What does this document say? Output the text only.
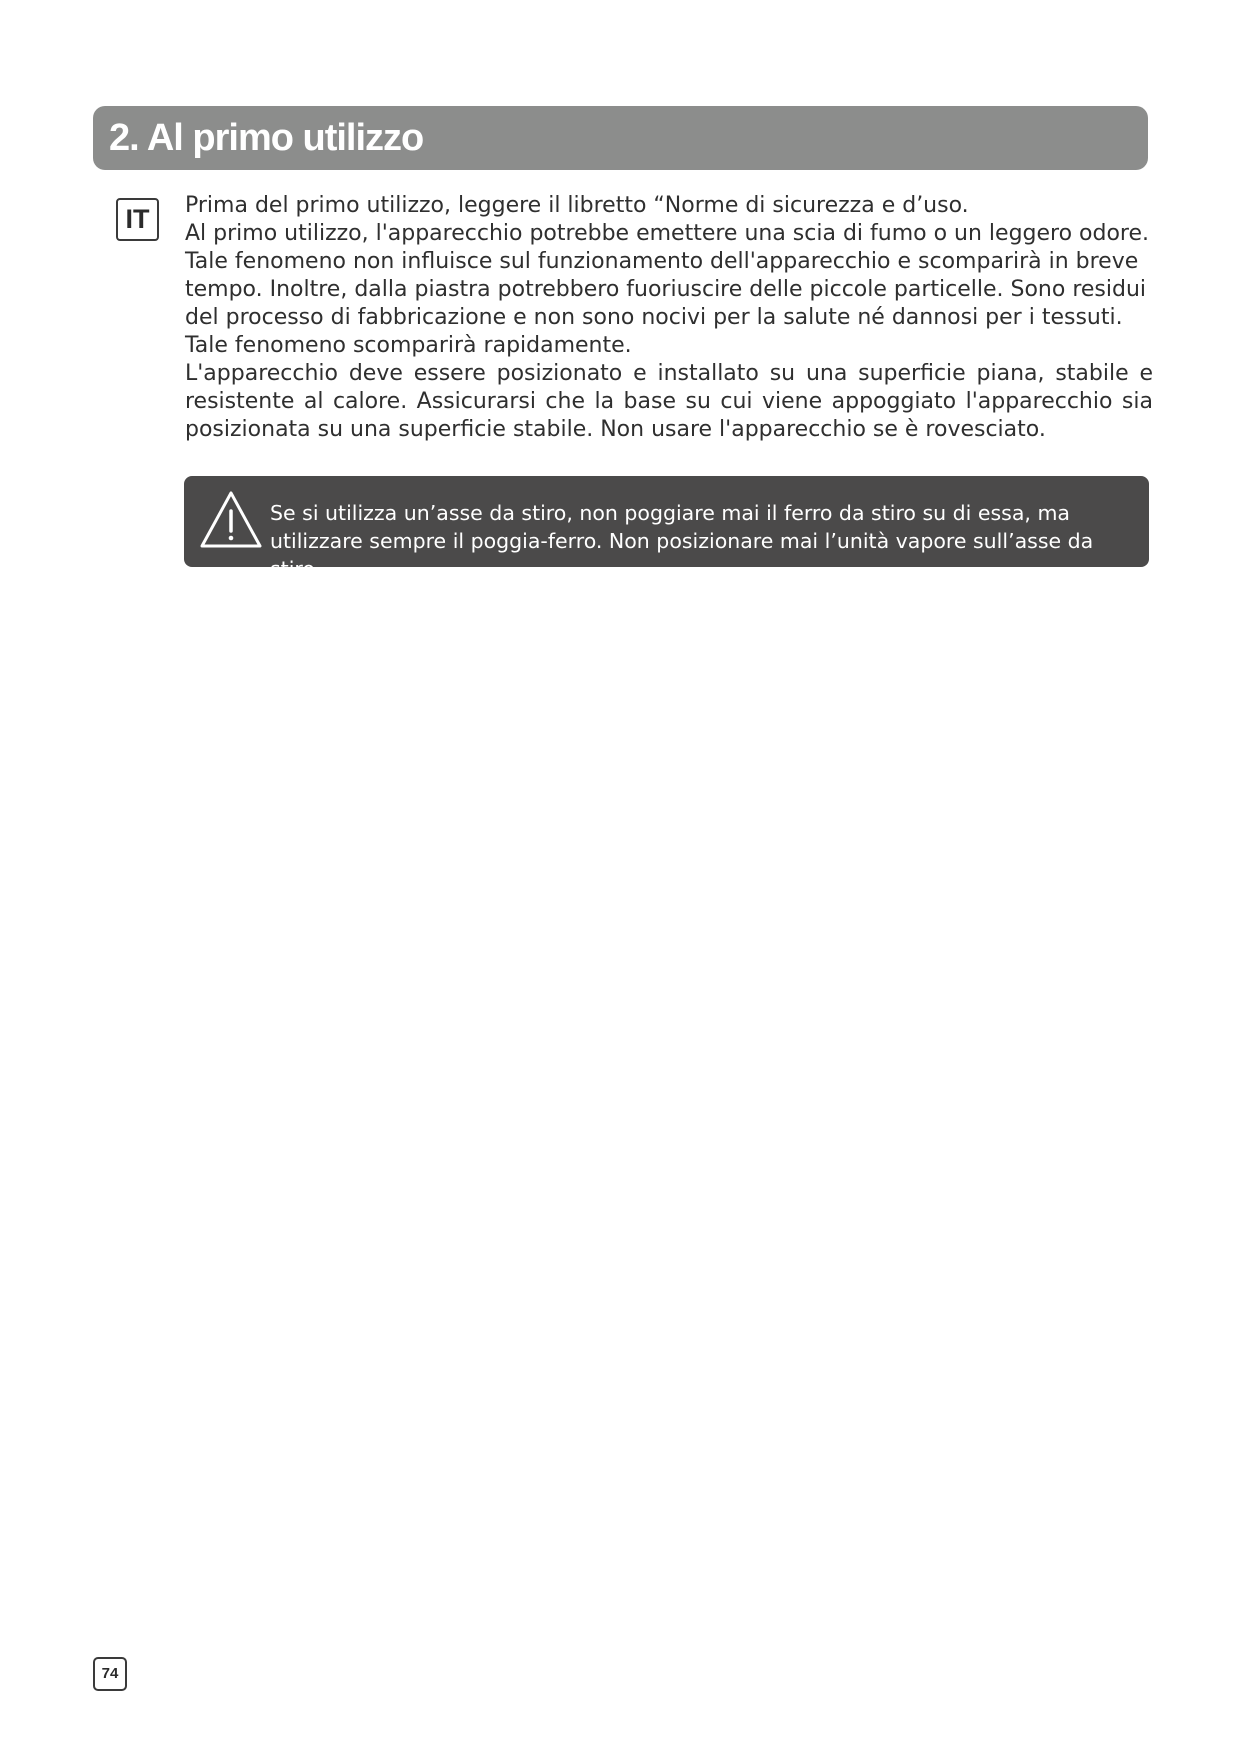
2. Al primo utilizzo
IT	Prima del primo utilizzo, leggere il libretto “Norme di sicurezza e d’uso.

Al primo utilizzo, l'apparecchio potrebbe emettere una scia di fumo o un leggero odore. Tale fenomeno non influisce sul funzionamento dell'apparecchio e scomparirà in breve tempo. Inoltre, dalla piastra potrebbero fuoriuscire delle piccole particelle. Sono residui del processo di fabbricazione e non sono nocivi per la salute né dannosi per i tessuti. Tale fenomeno scomparirà rapidamente.

L'apparecchio deve essere posizionato e installato su una superficie piana, stabile e resistente al calore. Assicurarsi che la base su cui viene appoggiato l'apparecchio sia posizionata su una superficie stabile. Non usare l'apparecchio se è rovesciato.

Se si utilizza un’asse da stiro, non poggiare mai il ferro da stiro su di essa, ma utilizzare sempre il poggia-ferro. Non posizionare mai l’unità vapore sull’asse da stiro.
74
